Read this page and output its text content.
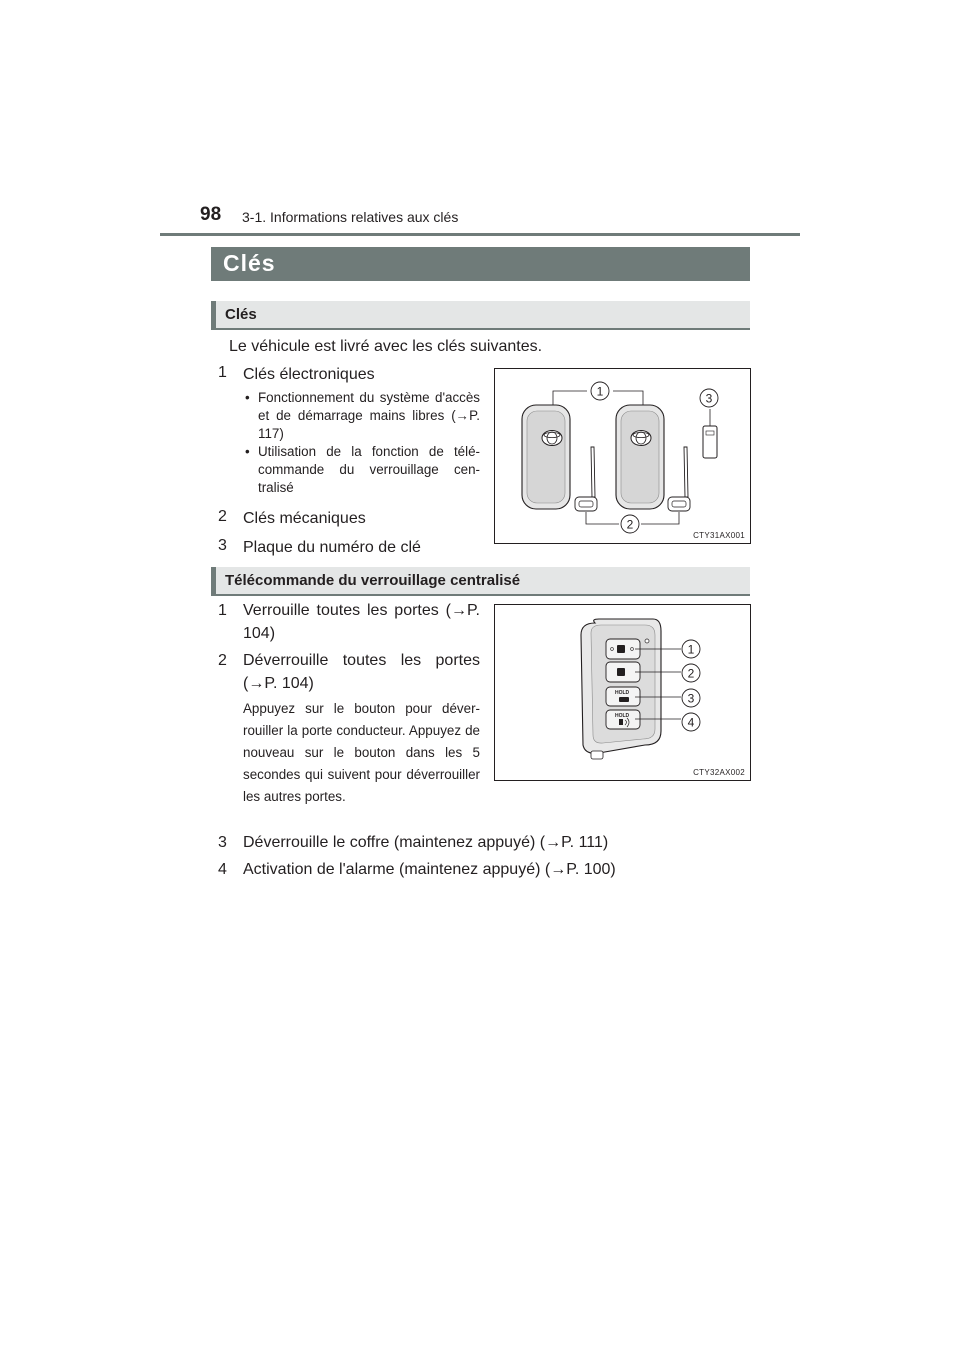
98 3-1. Informations relatives aux clés
Clés
Clés
Le véhicule est livré avec les clés suivantes.
1	Clés électroniques
• Fonctionnement du système d'accès et de démarrage mains libres (→P. 117)
• Utilisation de la fonction de télé-commande du verrouillage cen-tralisé
2	Clés mécaniques
3	Plaque du numéro de clé
1
2
3
CTY31AX001
Télécommande du verrouillage centralisé
1	Verrouille toutes les portes (→P. 104)
2	Déverrouille toutes les portes (→P. 104)
Appuyez sur le bouton pour déver-rouiller la porte conducteur. Appuyez de nouveau sur le bouton dans les 5 secondes qui suivent pour déverrouiller les autres portes.
HOLD
HOLD
1
2
3
4
CTY32AX002
3	Déverrouille le coffre (maintenez appuyé) (→P. 111)
4	Activation de l'alarme (maintenez appuyé) (→P. 100)
